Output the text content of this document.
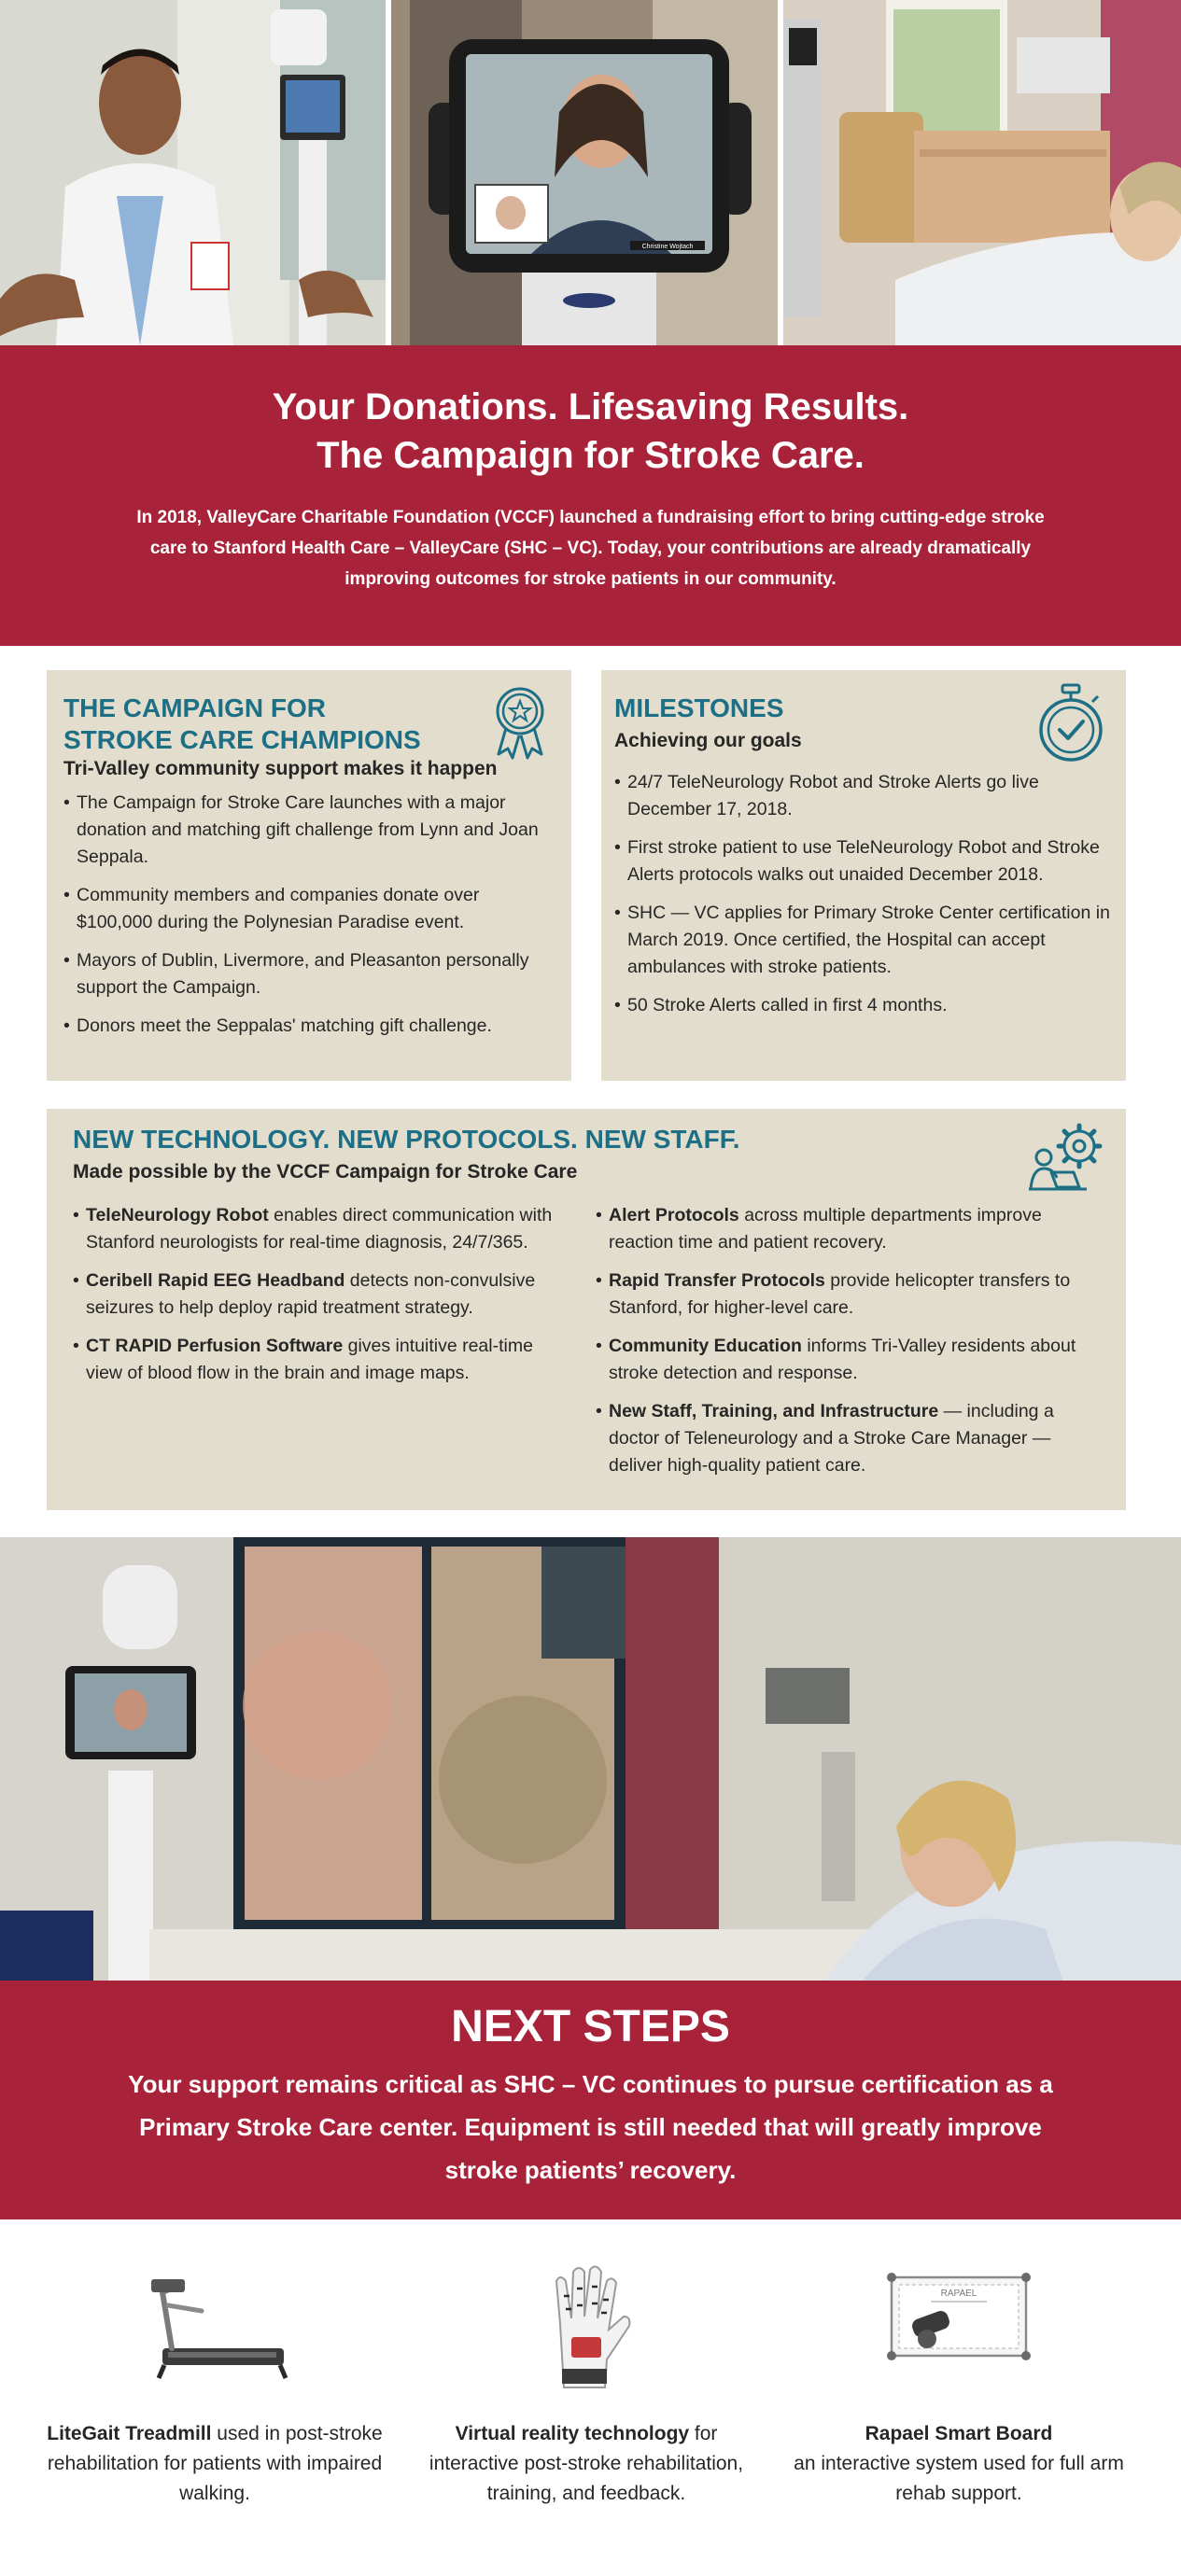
Christine Wojtach
Your Donations. Lifesaving Results.
The Campaign for Stroke Care.
In 2018, ValleyCare Charitable Foundation (VCCF) launched a fundraising effort to bring cutting-edge stroke care to Stanford Health Care – ValleyCare (SHC – VC). Today, your contributions are already dramatically improving outcomes for stroke patients in our community.
THE CAMPAIGN FOR
STROKE CARE CHAMPIONS
Tri-Valley community support makes it happen
• The Campaign for Stroke Care launches with a major donation and matching gift challenge from Lynn and Joan Seppala.
• Community members and companies donate over $100,000 during the Polynesian Paradise event.
• Mayors of Dublin, Livermore, and Pleasanton personally support the Campaign.
• Donors meet the Seppalas' matching gift challenge.
MILESTONES
Achieving our goals
• 24/7 TeleNeurology Robot and Stroke Alerts go live December 17, 2018.
• First stroke patient to use TeleNeurology Robot and Stroke Alerts protocols walks out unaided December 2018.
• SHC — VC applies for Primary Stroke Center certification in March 2019. Once certified, the Hospital can accept ambulances with stroke patients.
• 50 Stroke Alerts called in first 4 months.
NEW TECHNOLOGY. NEW PROTOCOLS. NEW STAFF.
Made possible by the VCCF Campaign for Stroke Care
• TeleNeurology Robot enables direct communication with Stanford neurologists for real-time diagnosis, 24/7/365.
• Ceribell Rapid EEG Headband detects non-convulsive seizures to help deploy rapid treatment strategy.
• CT RAPID Perfusion Software gives intuitive real-time view of blood flow in the brain and image maps.
• Alert Protocols across multiple departments improve reaction time and patient recovery.
• Rapid Transfer Protocols provide helicopter transfers to Stanford, for higher-level care.
• Community Education informs Tri-Valley residents about stroke detection and response.
• New Staff, Training, and Infrastructure — including a doctor of Teleneurology and a Stroke Care Manager — deliver high-quality patient care.
NEXT STEPS
Your support remains critical as SHC – VC continues to pursue certification as a Primary Stroke Care center. Equipment is still needed that will greatly improve stroke patients’ recovery.
LiteGait Treadmill used in post-stroke rehabilitation for patients with impaired walking.
Virtual reality technology for interactive post-stroke rehabilitation, training, and feedback.
RAPAEL
Rapael Smart Board
an interactive system used for full arm rehab support.
